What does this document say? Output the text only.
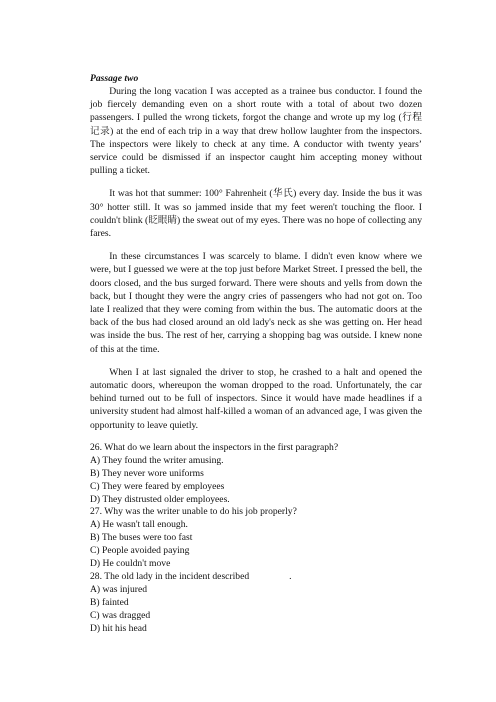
Passage two

During the long vacation I was accepted as a trainee bus conductor. I found the job fiercely demanding even on a short route with a total of about two dozen passengers. I pulled the wrong tickets, forgot the change and wrote up my log (行程记录) at the end of each trip in a way that drew hollow laughter from the inspectors. The inspectors were likely to check at any time. A conductor with twenty years’ service could be dismissed if an inspector caught him accepting money without pulling a ticket.

It was hot that summer: 100° Fahrenheit (华氏) every day. Inside the bus it was 30° hotter still. It was so jammed inside that my feet weren't touching the floor. I couldn't blink (眨眼睛) the sweat out of my eyes. There was no hope of collecting any fares.

In these circumstances I was scarcely to blame. I didn't even know where we were, but I guessed we were at the top just before Market Street. I pressed the bell, the doors closed, and the bus surged forward. There were shouts and yells from down the back, but I thought they were the angry cries of passengers who had not got on. Too late I realized that they were coming from within the bus. The automatic doors at the back of the bus had closed around an old lady's neck as she was getting on. Her head was inside the bus. The rest of her, carrying a shopping bag was outside. I knew none of this at the time.

When I at last signaled the driver to stop, he crashed to a halt and opened the automatic doors, whereupon the woman dropped to the road. Unfortunately, the car behind turned out to be full of inspectors. Since it would have made headlines if a university student had almost half-killed a woman of an advanced age, I was given the opportunity to leave quietly.

26. What do we learn about the inspectors in the first paragraph?

A) They found the writer amusing.

B) They never wore uniforms

C) They were feared by employees

D) They distrusted older employees.

27. Why was the writer unable to do his job properly?

A) He wasn't tall enough.

B) The buses were too fast

C) People avoided paying

D) He couldn't move

28. The old lady in the incident described	.

A) was injured

B) fainted

C) was dragged

D) hit his head
